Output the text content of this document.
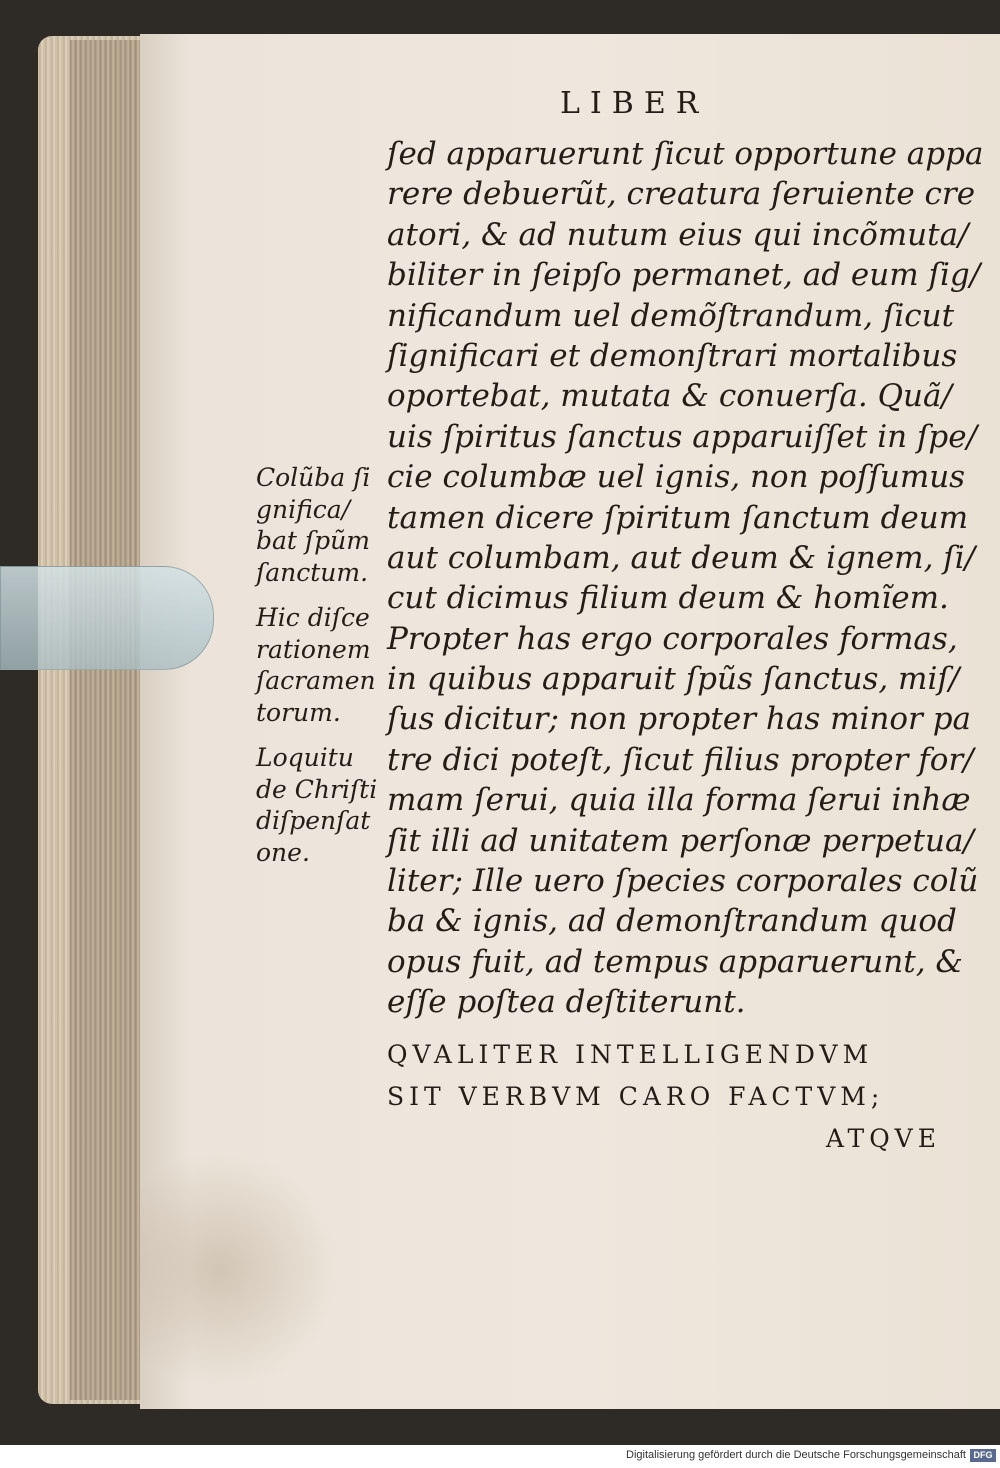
LIBER
ſed apparuerunt ſicut opportune appa
rere debuerũt, creatura ſeruiente cre
atori, & ad nutum eius qui incõmuta/
biliter in ſeipſo permanet, ad eum ſig/
nificandum uel demõſtrandum, ſicut
ſignificari et demonſtrari mortalibus
oportebat, mutata & conuerſa. Quã/
uis ſpiritus ſanctus apparuiſſet in ſpe/
cie columbæ uel ignis, non poſſumus
tamen dicere ſpiritum ſanctum deum
aut columbam, aut deum & ignem, ſi/
cut dicimus filium deum & homĩem.
Propter has ergo corporales formas,
in quibus apparuit ſpũs ſanctus, miſ/
ſus dicitur; non propter has minor pa
tre dici poteſt, ſicut filius propter for/
mam ſerui, quia illa forma ſerui inhæ
ſit illi ad unitatem perſonæ perpetua/
liter; Ille uero ſpecies corporales colũ
ba & ignis, ad demonſtrandum quod
opus fuit, ad tempus apparuerunt, &
eſſe poſtea deſtiterunt.
Colũba ſi
gnifica/
bat ſpũm
ſanctum.
Hic diſce
rationem
ſacramen
torum.
Loquitu
de Chriſti
diſpenſat
one.
QVALITER INTELLIGENDVM
SIT VERBVM CARO FACTVM;
ATQVE
Digitalisierung gefördert durch die Deutsche Forschungsgemeinschaft DFG
